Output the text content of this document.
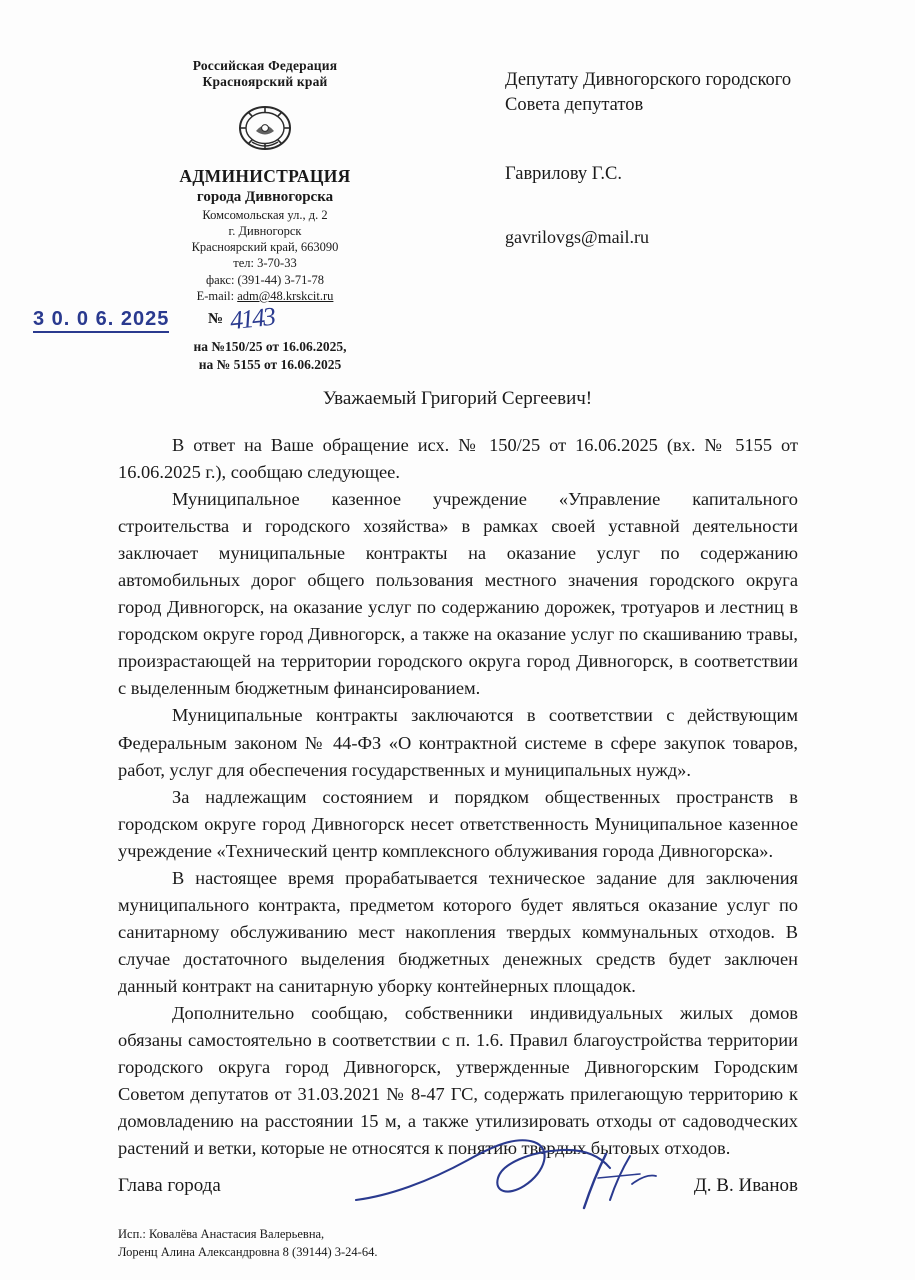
Российская Федерация
Красноярский край
АДМИНИСТРАЦИЯ
города Дивногорска
Комсомольская ул., д. 2
г. Дивногорск
Красноярский край, 663090
тел: 3-70-33
факс: (391-44) 3-71-78
E-mail: adm@48.krskcit.ru
3 0. 0 6. 2025	№ 4143
на №150/25 от 16.06.2025,
на № 5155 от 16.06.2025
Депутату Дивногорского городского
Совета депутатов
Гаврилову Г.С.
gavrilovgs@mail.ru
Уважаемый Григорий Сергеевич!

В ответ на Ваше обращение исх. № 150/25 от 16.06.2025 (вх. № 5155 от 16.06.2025 г.), сообщаю следующее.

Муниципальное казенное учреждение «Управление капитального строительства и городского хозяйства» в рамках своей уставной деятельности заключает муниципальные контракты на оказание услуг по содержанию автомобильных дорог общего пользования местного значения городского округа город Дивногорск, на оказание услуг по содержанию дорожек, тротуаров и лестниц в городском округе город Дивногорск, а также на оказание услуг по скашиванию травы, произрастающей на территории городского округа город Дивногорск, в соответствии с выделенным бюджетным финансированием.

Муниципальные контракты заключаются в соответствии с действующим Федеральным законом № 44-ФЗ «О контрактной системе в сфере закупок товаров, работ, услуг для обеспечения государственных и муниципальных нужд».

За надлежащим состоянием и порядком общественных пространств в городском округе город Дивногорск несет ответственность Муниципальное казенное учреждение «Технический центр комплексного облуживания города Дивногорска».

В настоящее время прорабатывается техническое задание для заключения муниципального контракта, предметом которого будет являться оказание услуг по санитарному обслуживанию мест накопления твердых коммунальных отходов. В случае достаточного выделения бюджетных денежных средств будет заключен данный контракт на санитарную уборку контейнерных площадок.

Дополнительно сообщаю, собственники индивидуальных жилых домов обязаны самостоятельно в соответствии с п. 1.6. Правил благоустройства территории городского округа город Дивногорск, утвержденные Дивногорским Городским Советом депутатов от 31.03.2021 № 8-47 ГС, содержать прилегающую территорию к домовладению на расстоянии 15 м, а также утилизировать отходы от садоводческих растений и ветки, которые не относятся к понятию твердых бытовых отходов.

Глава города	Д. В. Иванов
Исп.: Ковалёва Анастасия Валерьевна,
Лоренц Алина Александровна 8 (39144) 3-24-64.
